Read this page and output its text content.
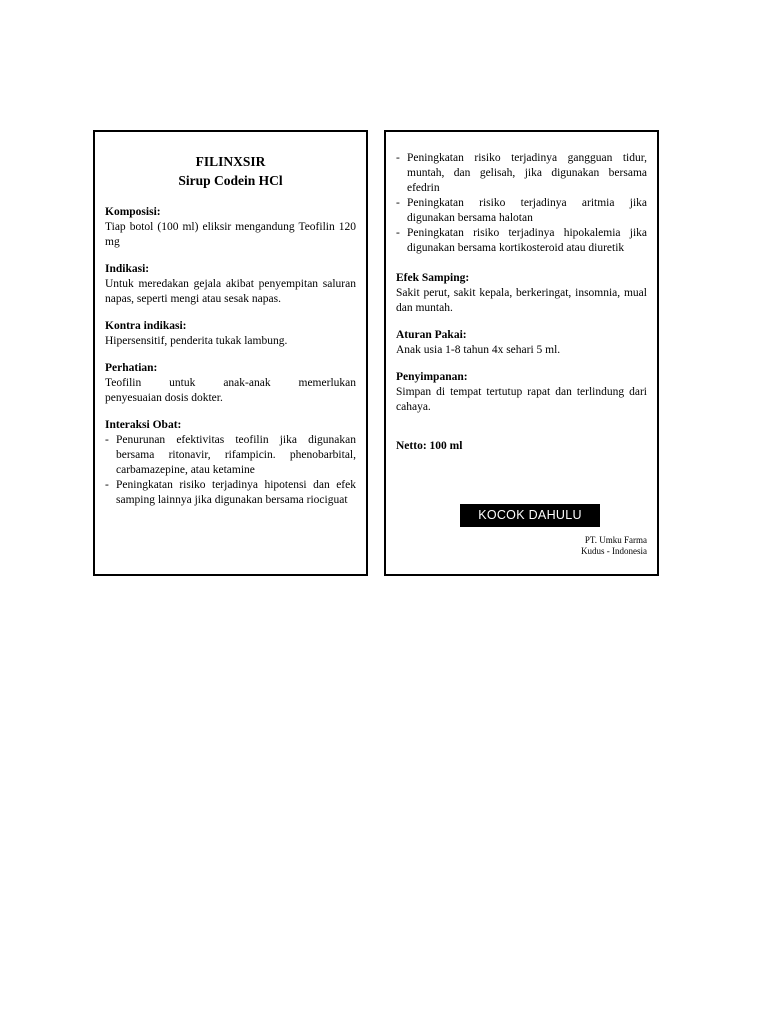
FILINXSIR
Sirup Codein HCl
Komposisi:
Tiap botol (100 ml) eliksir mengandung Teofilin 120 mg
Indikasi:
Untuk meredakan gejala akibat penyempitan saluran napas, seperti mengi atau sesak napas.
Kontra indikasi:
Hipersensitif, penderita tukak lambung.
Perhatian:
Teofilin untuk anak-anak memerlukan
penyesuaian dosis dokter.
Interaksi Obat:
- Penurunan efektivitas teofilin jika digunakan bersama ritonavir, rifampicin. phenobarbital, carbamazepine, atau ketamine
- Peningkatan risiko terjadinya hipotensi dan efek samping lainnya jika digunakan bersama riociguat
- Peningkatan risiko terjadinya gangguan tidur, muntah, dan gelisah, jika digunakan bersama efedrin
- Peningkatan risiko terjadinya aritmia jika digunakan bersama halotan
- Peningkatan risiko terjadinya hipokalemia jika digunakan bersama kortikosteroid atau diuretik
Efek Samping:
Sakit perut, sakit kepala, berkeringat, insomnia, mual dan muntah.
Aturan Pakai:
Anak usia 1-8 tahun 4x sehari 5 ml.
Penyimpanan:
Simpan di tempat tertutup rapat dan terlindung dari cahaya.
Netto: 100 ml
KOCOK DAHULU
PT. Umku Farma
Kudus - Indonesia
